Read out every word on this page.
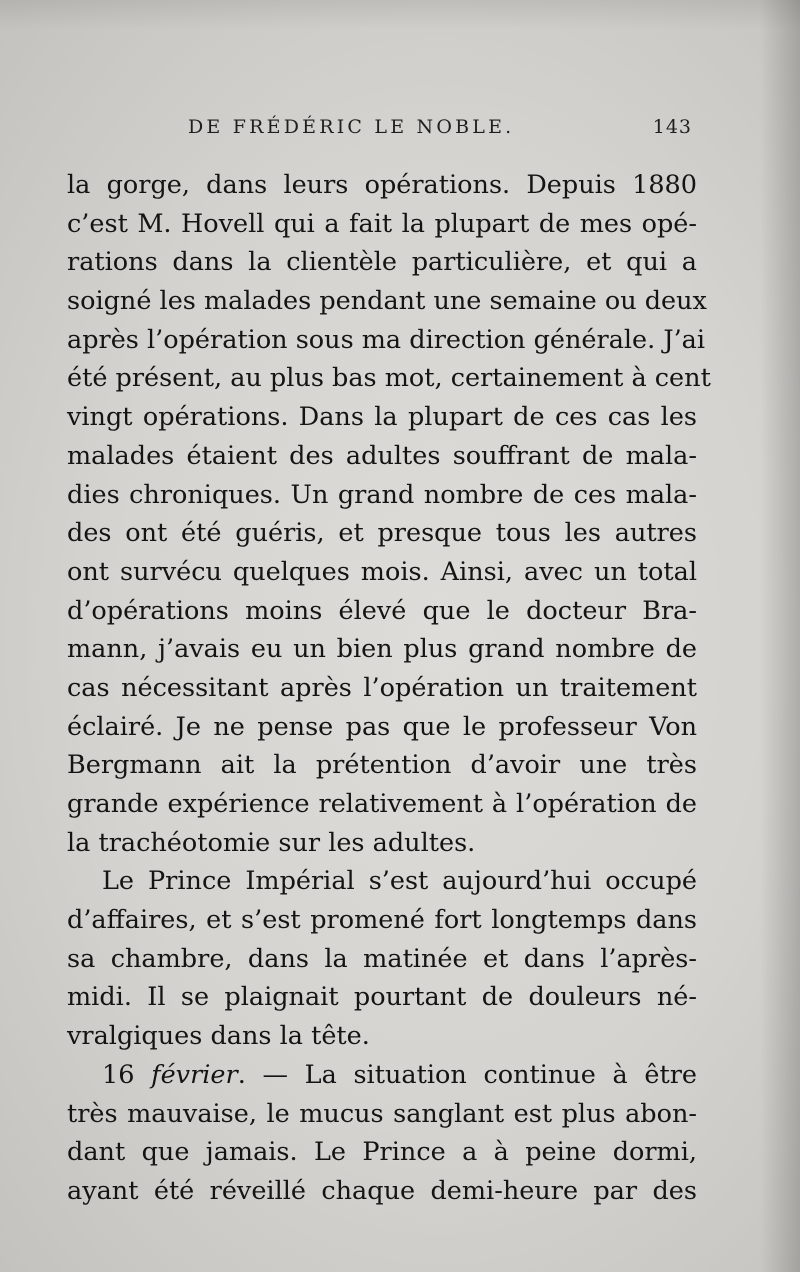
DE FRÉDÉRIC LE NOBLE.	143
la gorge, dans leurs opérations. Depuis 1880
c’est M. Hovell qui a fait la plupart de mes opé-
rations dans la clientèle particulière, et qui a
soigné les malades pendant une semaine ou deux
après l’opération sous ma direction générale. J’ai
été présent, au plus bas mot, certainement à cent
vingt opérations. Dans la plupart de ces cas les
malades étaient des adultes souffrant de mala-
dies chroniques. Un grand nombre de ces mala-
des ont été guéris, et presque tous les autres
ont survécu quelques mois. Ainsi, avec un total
d’opérations moins élevé que le docteur Bra-
mann, j’avais eu un bien plus grand nombre de
cas nécessitant après l’opération un traitement
éclairé. Je ne pense pas que le professeur Von
Bergmann ait la prétention d’avoir une très
grande expérience relativement à l’opération de
la trachéotomie sur les adultes.
Le Prince Impérial s’est aujourd’hui occupé
d’affaires, et s’est promené fort longtemps dans
sa chambre, dans la matinée et dans l’après-
midi. Il se plaignait pourtant de douleurs né-
vralgiques dans la tête.
16 février. — La situation continue à être
très mauvaise, le mucus sanglant est plus abon-
dant que jamais. Le Prince a à peine dormi,
ayant été réveillé chaque demi-heure par des
